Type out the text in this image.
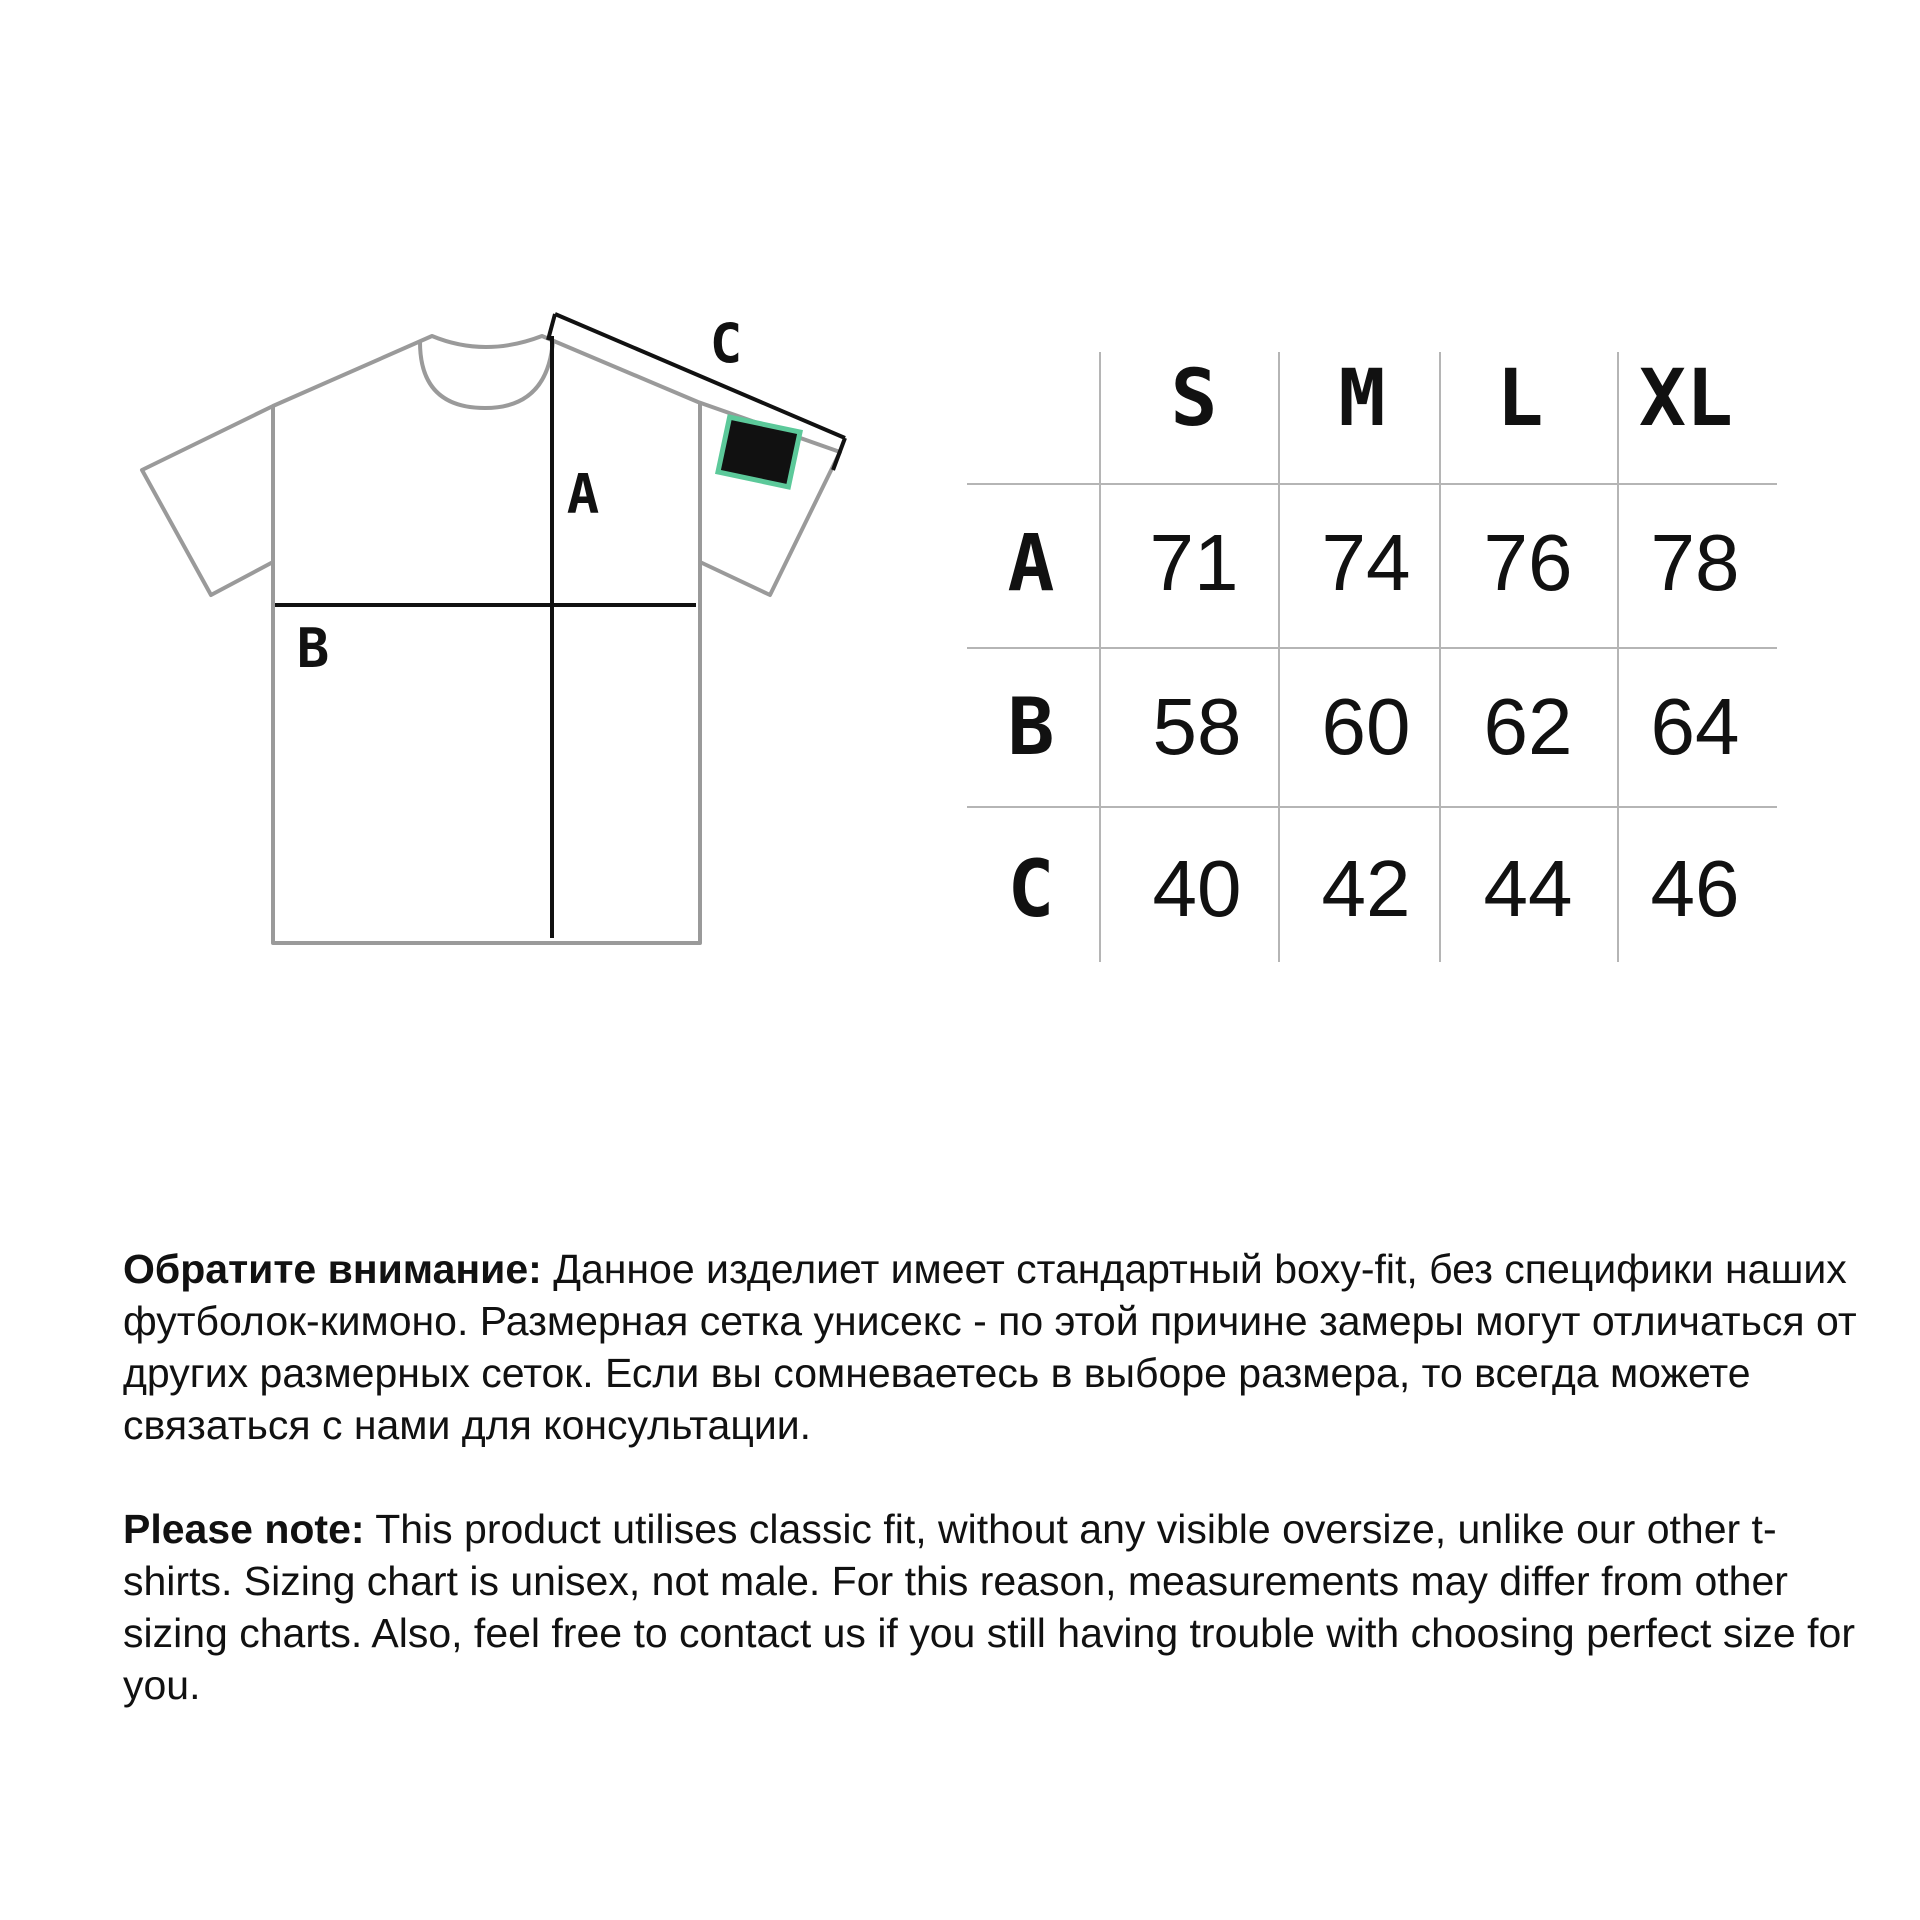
A
B
C
S M L XL
A 71 74 76 78
B 58 60 62 64
C 40 42 44 46

Обратите внимание: Данное изделиет имеет стандартный boxy-fit, без специфики наших футболок-кимоно. Размерная сетка унисекс - по этой причине замеры могут отличаться от других размерных сеток. Если вы сомневаетесь в выборе размера, то всегда можете связаться с нами для консультации.

Please note: This product utilises classic fit, without any visible oversize, unlike our other t-shirts. Sizing chart is unisex, not male. For this reason, measurements may differ from other sizing charts. Also, feel free to contact us if you still having trouble with choosing perfect size for you.
